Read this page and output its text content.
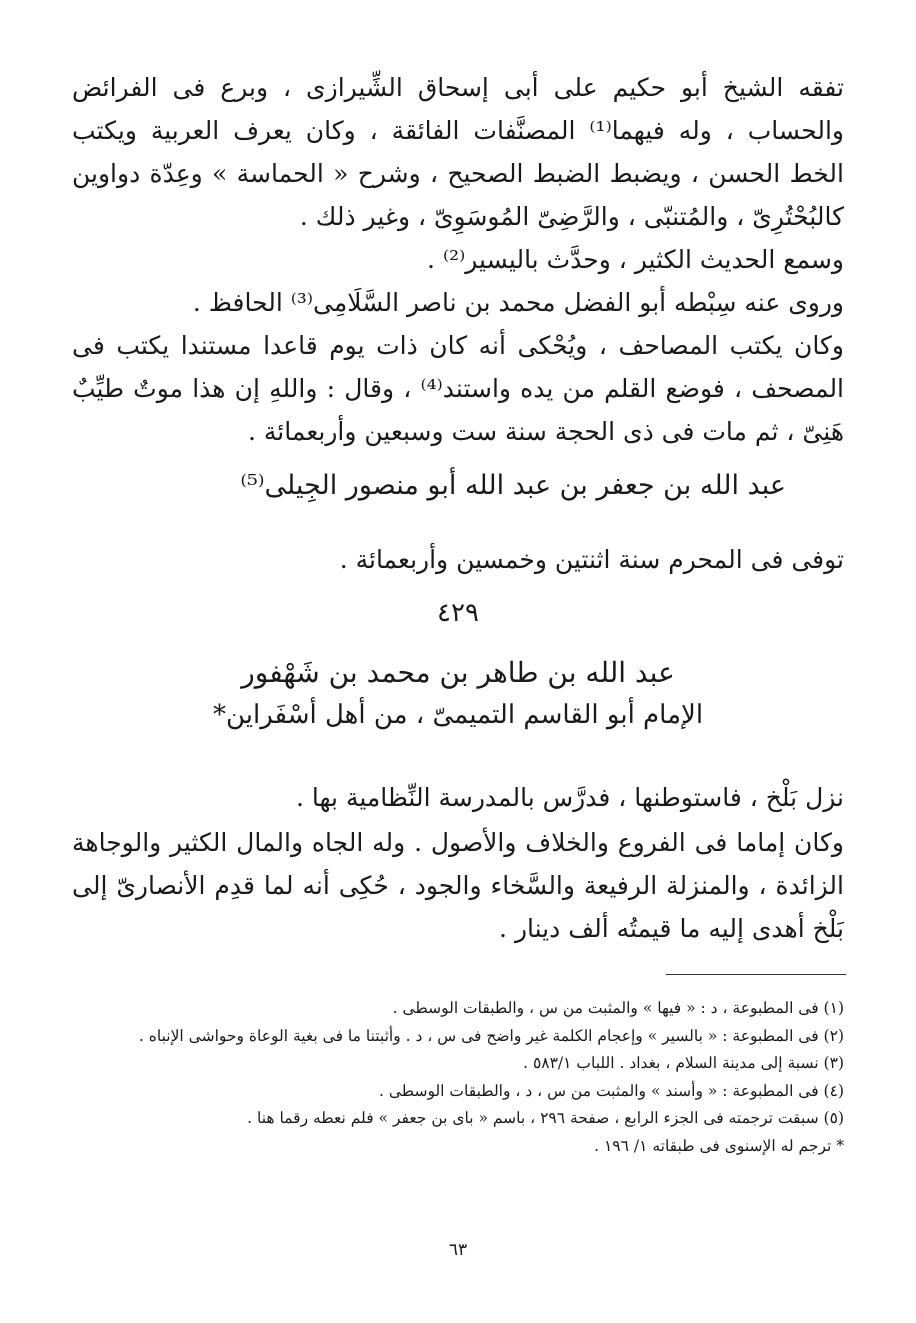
تفقه الشيخ أبو حكيم على أبى إسحاق الشِّيرازى ، وبرع فى الفرائض والحساب ، وله فيهما⁽¹⁾ المصنَّفات الفائقة ، وكان يعرف العربية ويكتب الخط الحسن ، ويضبط الضبط الصحيح ، وشرح « الحماسة » وعِدّة دواوين كالبُحْتُرِىّ ، والمُتنبّى ، والرَّضِىّ المُوسَوِىّ ، وغير ذلك .

وسمع الحديث الكثير ، وحدَّث باليسير⁽²⁾ .

وروى عنه سِبْطه أبو الفضل محمد بن ناصر السَّلَامِى⁽³⁾ الحافظ .

وكان يكتب المصاحف ، ويُحْكى أنه كان ذات يوم قاعدا مستندا يكتب فى المصحف ، فوضع القلم من يده واستند⁽⁴⁾ ، وقال : واللهِ إن هذا موتٌ طيِّبٌ هَنِىّ ، ثم مات فى ذى الحجة سنة ست وسبعين وأربعمائة .

عبد الله بن جعفر بن عبد الله أبو منصور الجِيلى⁽⁵⁾

توفى فى المحرم سنة اثنتين وخمسين وأربعمائة .

٤٢٩
عبد الله بن طاهر بن محمد بن شَهْفور
الإمام أبو القاسم التميمىّ ، من أهل أسْفَراين*

نزل بَلْخ ، فاستوطنها ، فدرَّس بالمدرسة النِّظامية بها .

وكان إماما فى الفروع والخلاف والأصول . وله الجاه والمال الكثير والوجاهة الزائدة ، والمنزلة الرفيعة والسَّخاء والجود ، حُكِى أنه لما قدِم الأنصارىّ إلى بَلْخ أهدى إليه ما قيمتُه ألف دينار .

(١) فى المطبوعة ، د : « فيها » والمثبت من س ، والطبقات الوسطى .

(٢) فى المطبوعة : « بالسير » وإعجام الكلمة غير واضح فى س ، د . وأثبتنا ما فى بغية الوعاة وحواشى الإنباه .

(٣) نسبة إلى مدينة السلام ، بغداد . اللباب ٥٨٣/١ .

(٤) فى المطبوعة : « وأسند » والمثبت من س ، د ، والطبقات الوسطى .

(٥) سبقت ترجمته فى الجزء الرابع ، صفحة ٢٩٦ ، باسم « باى بن جعفر » فلم نعطه رقما هنا .

* ترجم له الإسنوى فى طبقاته ١/ ١٩٦ .

٦٣
